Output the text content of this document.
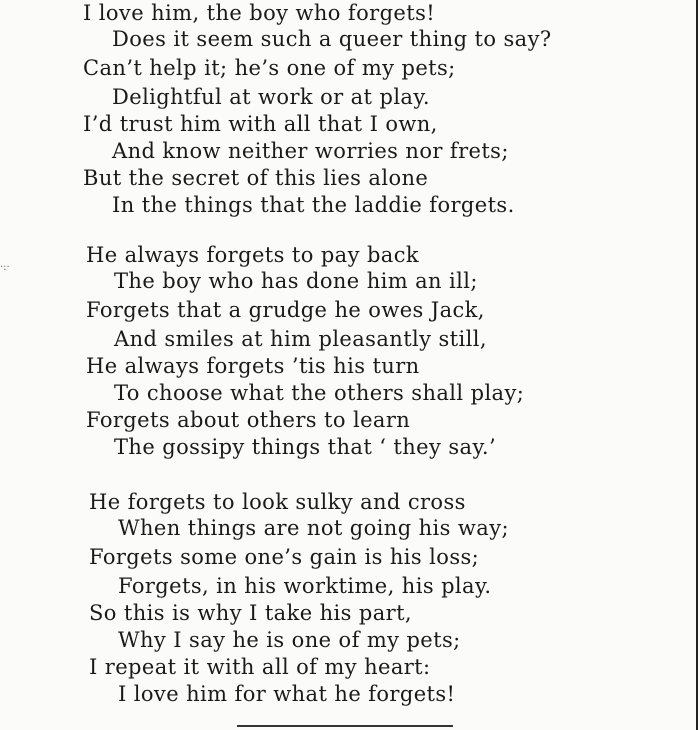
·:·
I love him, the boy who forgets!
Does it seem such a queer thing to say?
Can’t help it; he’s one of my pets;
Delightful at work or at play.
I’d trust him with all that I own,
And know neither worries nor frets;
But the secret of this lies alone
In the things that the laddie forgets.
He always forgets to pay back
The boy who has done him an ill;
Forgets that a grudge he owes Jack,
And smiles at him pleasantly still,
He always forgets ’tis his turn
To choose what the others shall play;
Forgets about others to learn
The gossipy things that ‘ they say.’
He forgets to look sulky and cross
When things are not going his way;
Forgets some one’s gain is his loss;
Forgets, in his worktime, his play.
So this is why I take his part,
Why I say he is one of my pets;
I repeat it with all of my heart:
I love him for what he forgets!
